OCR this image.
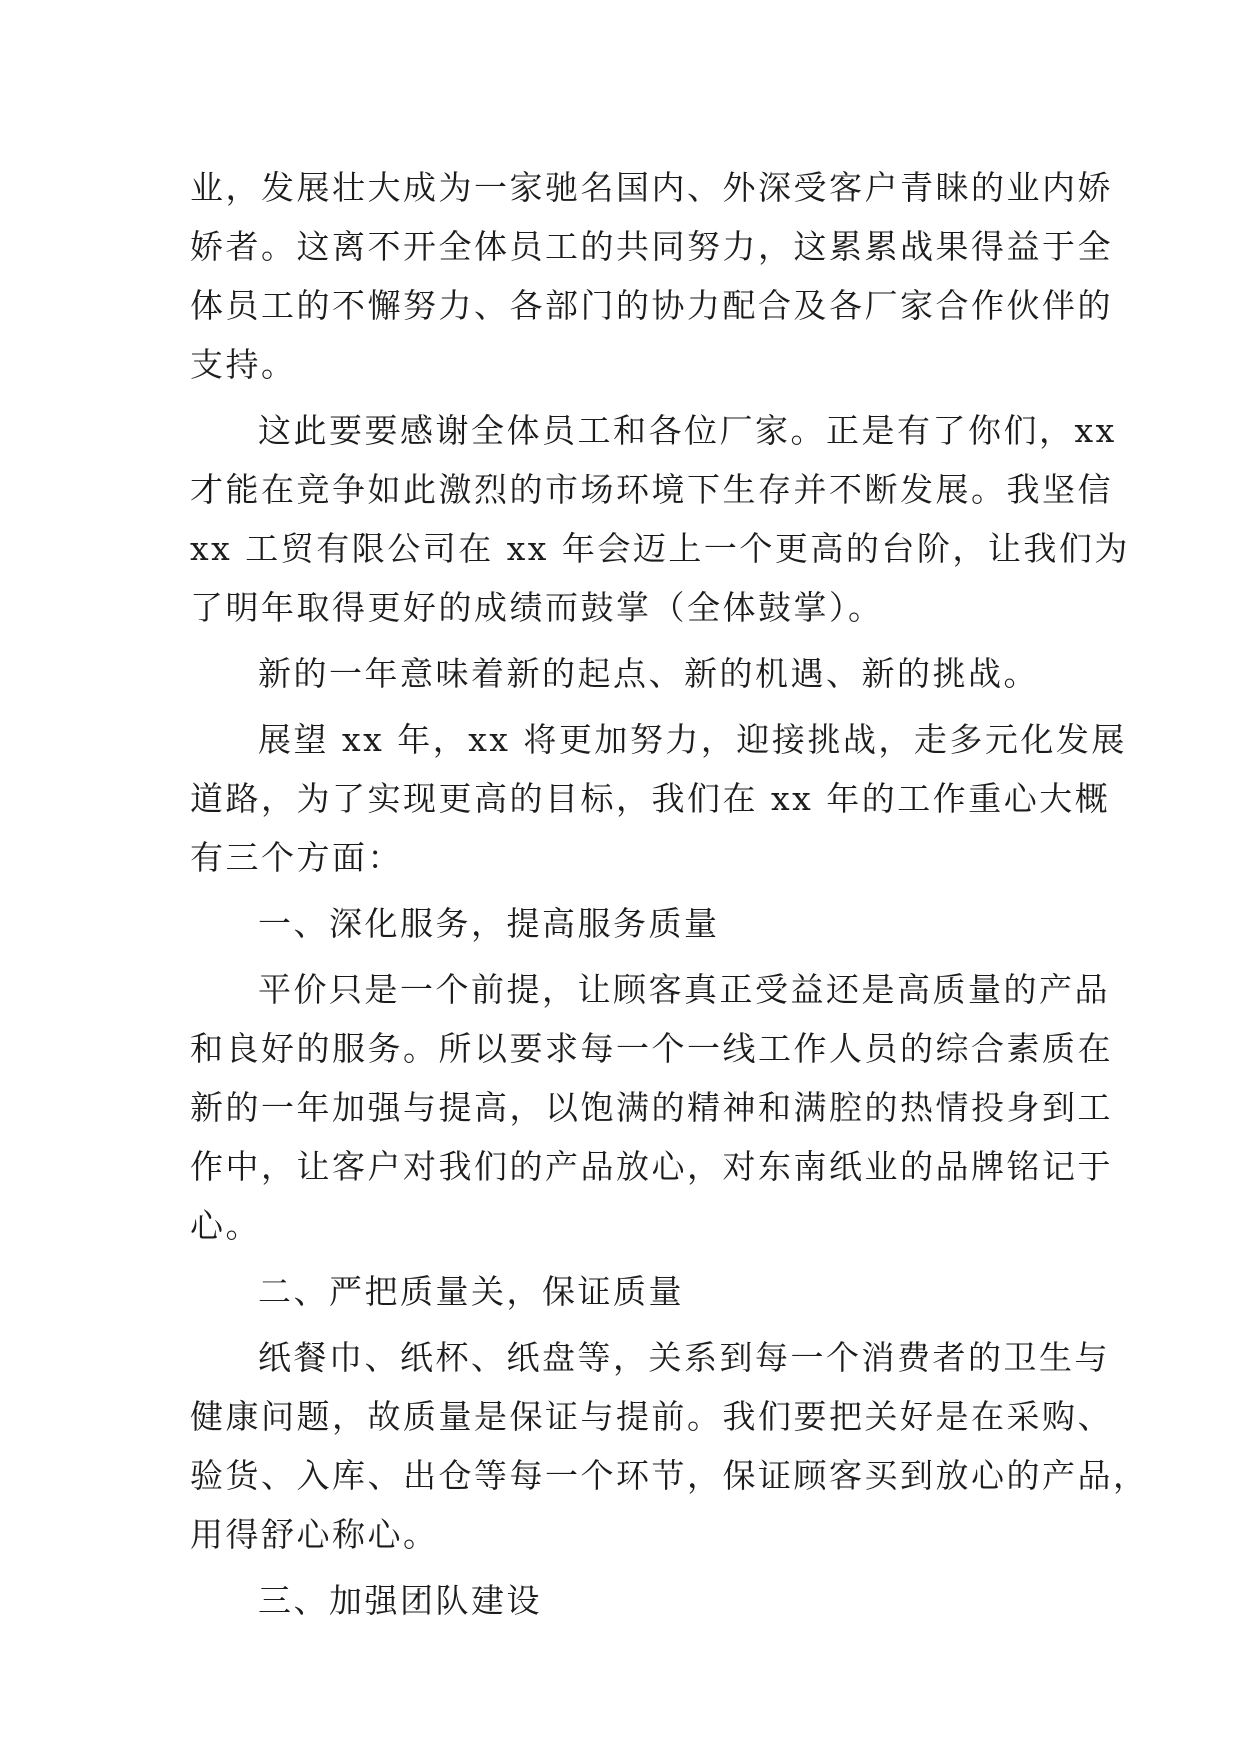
业，发展壮大成为一家驰名国内、外深受客户青睐的业内娇
娇者。这离不开全体员工的共同努力，这累累战果得益于全
体员工的不懈努力、各部门的协力配合及各厂家合作伙伴的
支持。
这此要要感谢全体员工和各位厂家。正是有了你们，xx
才能在竞争如此激烈的市场环境下生存并不断发展。我坚信
xx 工贸有限公司在 xx 年会迈上一个更高的台阶，让我们为
了明年取得更好的成绩而鼓掌（全体鼓掌）。
新的一年意味着新的起点、新的机遇、新的挑战。
展望 xx 年，xx 将更加努力，迎接挑战，走多元化发展
道路，为了实现更高的目标，我们在 xx 年的工作重心大概
有三个方面：
一、深化服务，提高服务质量
平价只是一个前提，让顾客真正受益还是高质量的产品
和良好的服务。所以要求每一个一线工作人员的综合素质在
新的一年加强与提高，以饱满的精神和满腔的热情投身到工
作中，让客户对我们的产品放心，对东南纸业的品牌铭记于
心。
二、严把质量关，保证质量
纸餐巾、纸杯、纸盘等，关系到每一个消费者的卫生与
健康问题，故质量是保证与提前。我们要把关好是在采购、
验货、入库、出仓等每一个环节，保证顾客买到放心的产品，
用得舒心称心。
三、加强团队建设
